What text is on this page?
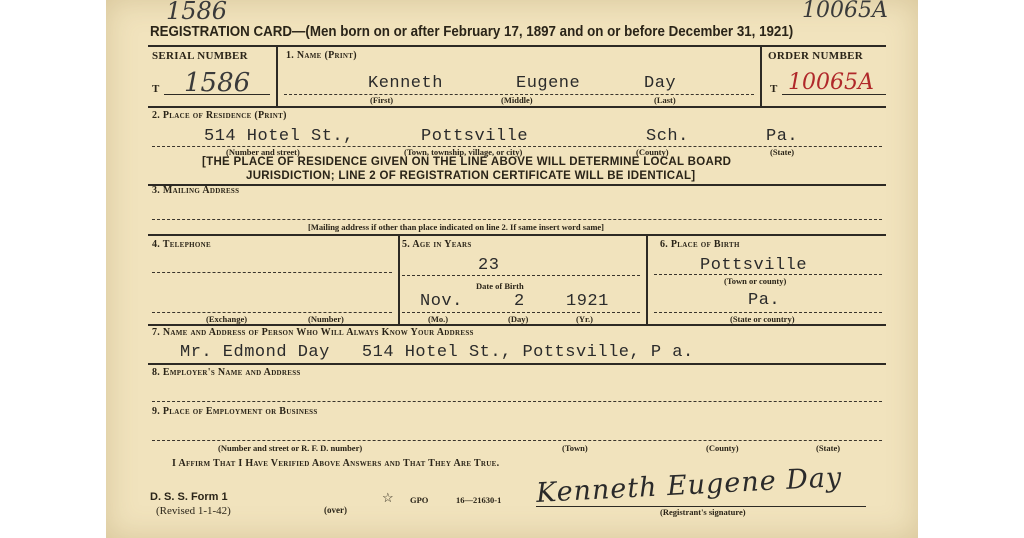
1586	10065A
REGISTRATION CARD—(Men born on or after February 17, 1897 and on or before December 31, 1921)
SERIAL NUMBER
T 1586
1. Name (Print)
Kenneth	Eugene	Day
(First)	(Middle)	(Last)
ORDER NUMBER
T 10065A
2. Place of Residence (Print)
514 Hotel St.,	Pottsville	Sch.	Pa.
(Number and street)	(Town, township, village, or city)	(County)	(State)
[THE PLACE OF RESIDENCE GIVEN ON THE LINE ABOVE WILL DETERMINE LOCAL BOARD
JURISDICTION; LINE 2 OF REGISTRATION CERTIFICATE WILL BE IDENTICAL]
3. Mailing Address
[Mailing address if other than place indicated on line 2. If same insert word same]
4. Telephone
(Exchange)	(Number)
5. Age in Years
23
Date of Birth
Nov.	2 1921
(Mo.)	(Day)	(Yr.)
6. Place of Birth
Pottsville
(Town or county)
Pa.
(State or country)
7. Name and Address of Person Who Will Always Know Your Address
Mr. Edmond Day   514 Hotel St., Pottsville, P a.
8. Employer's Name and Address
9. Place of Employment or Business
(Number and street or R. F. D. number)	(Town)	(County)	(State)
I Affirm That I Have Verified Above Answers and That They Are True.
D. S. S. Form 1
(Revised 1-1-42)	(over)
☆ GPO	16—21630-1 Kenneth Eugene Day
(Registrant's signature)
